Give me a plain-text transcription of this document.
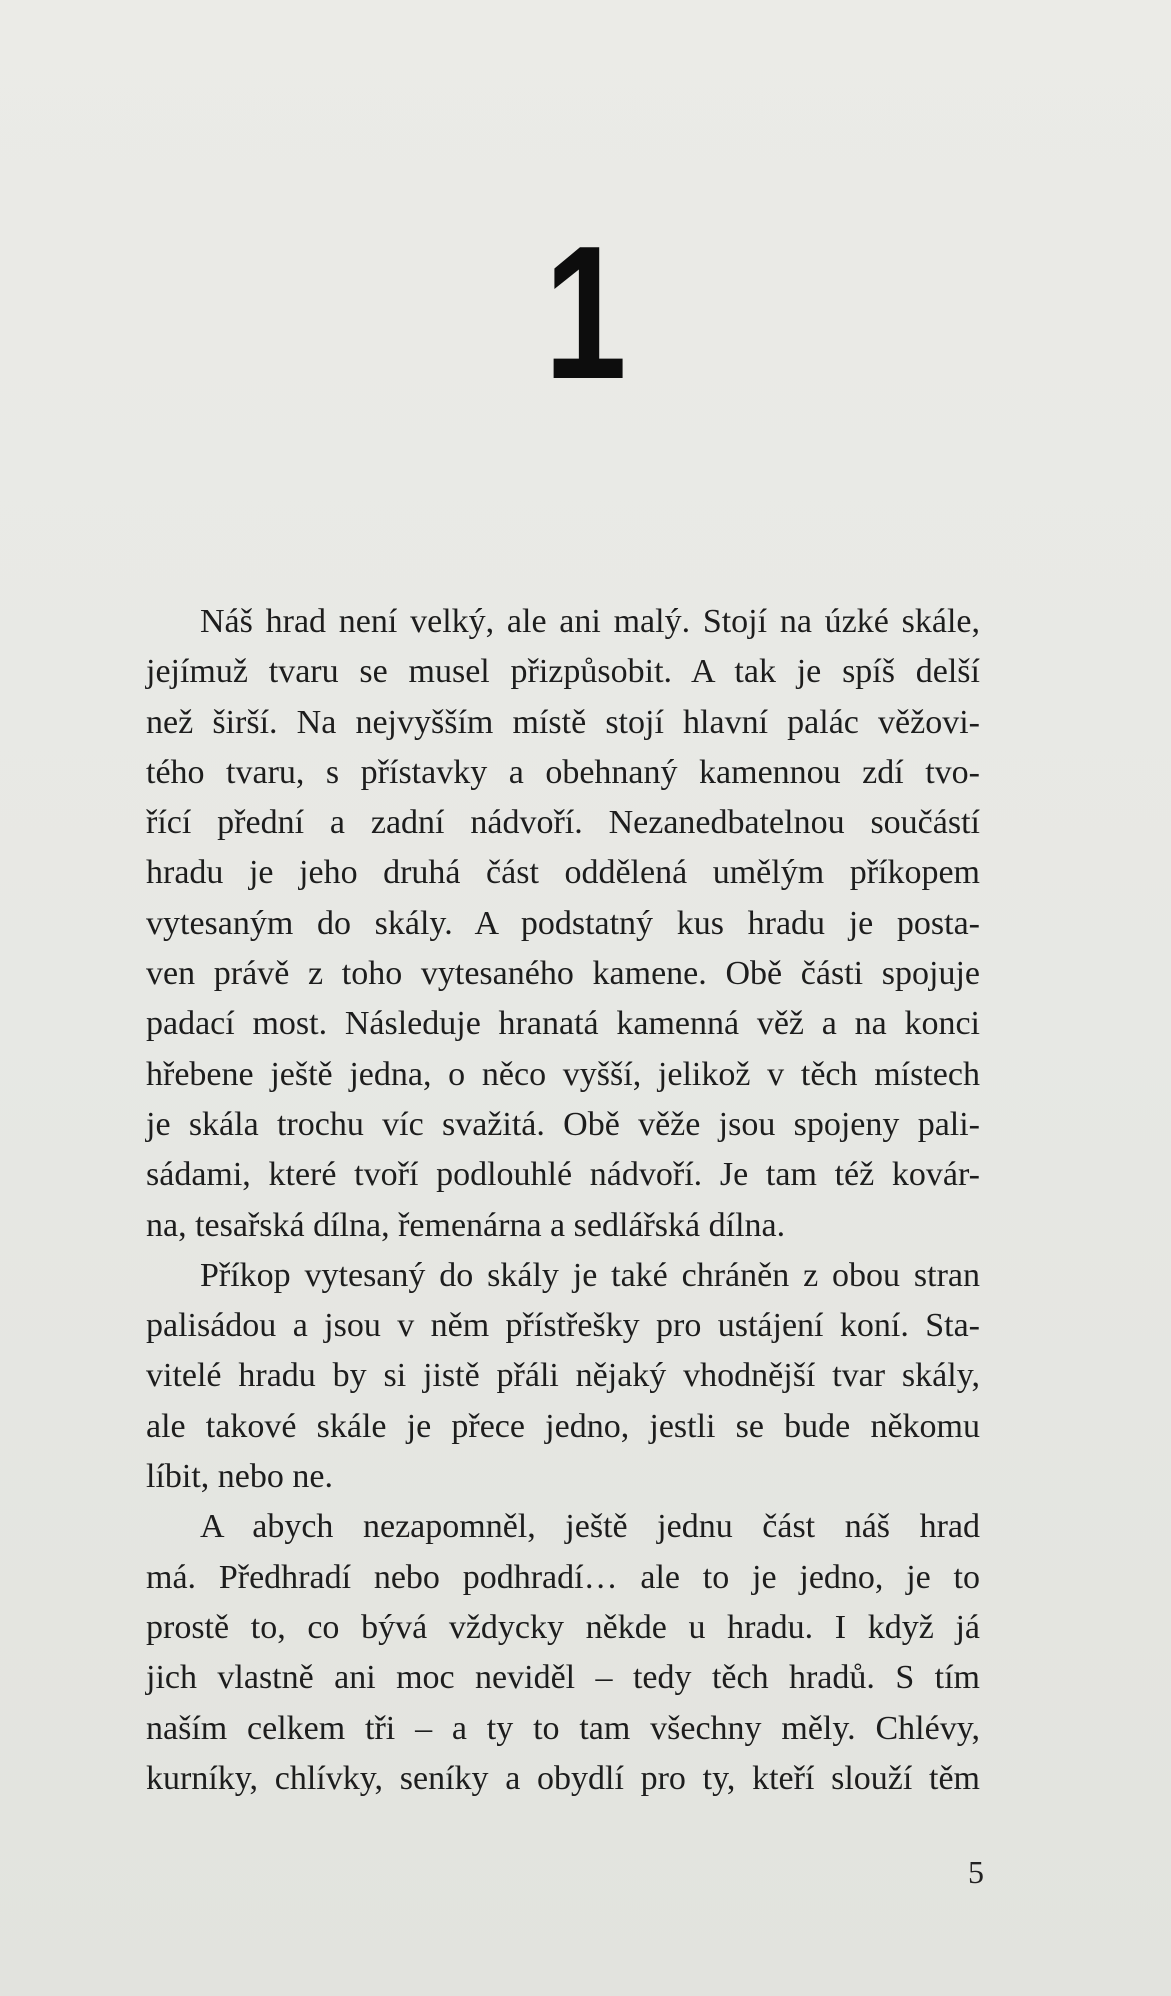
1
Náš hrad není velký, ale ani malý. Stojí na úzké skále,
jejímuž tvaru se musel přizpůsobit. A tak je spíš delší
než širší. Na nejvyšším místě stojí hlavní palác věžovi-
tého tvaru, s přístavky a obehnaný kamennou zdí tvo-
řící přední a zadní nádvoří. Nezanedbatelnou součástí
hradu je jeho druhá část oddělená umělým příkopem
vytesaným do skály. A podstatný kus hradu je posta-
ven právě z toho vytesaného kamene. Obě části spojuje
padací most. Následuje hranatá kamenná věž a na konci
hřebene ještě jedna, o něco vyšší, jelikož v těch místech
je skála trochu víc svažitá. Obě věže jsou spojeny pali-
sádami, které tvoří podlouhlé nádvoří. Je tam též kovár-
na, tesařská dílna, řemenárna a sedlářská dílna.
Příkop vytesaný do skály je také chráněn z obou stran
palisádou a jsou v něm přístřešky pro ustájení koní. Sta-
vitelé hradu by si jistě přáli nějaký vhodnější tvar skály,
ale takové skále je přece jedno, jestli se bude někomu
líbit, nebo ne.
A abych nezapomněl, ještě jednu část náš hrad
má. Předhradí nebo podhradí… ale to je jedno, je to
prostě to, co bývá vždycky někde u hradu. I když já
jich vlastně ani moc neviděl – tedy těch hradů. S tím
naším celkem tři – a ty to tam všechny měly. Chlévy,
kurníky, chlívky, seníky a obydlí pro ty, kteří slouží těm
5
